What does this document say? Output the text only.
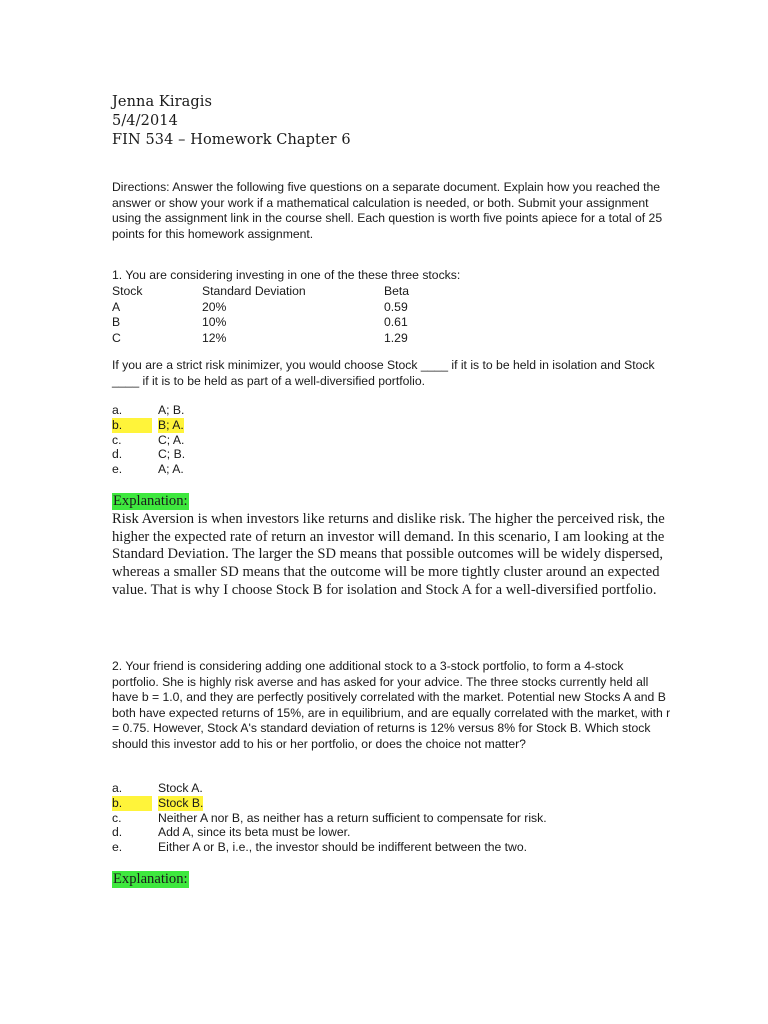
Jenna Kiragis
5/4/2014
FIN 534 – Homework Chapter 6
Directions: Answer the following five questions on a separate document. Explain how you reached the answer or show your work if a mathematical calculation is needed, or both. Submit your assignment using the assignment link in the course shell. Each question is worth five points apiece for a total of 25 points for this homework assignment.
1. You are considering investing in one of the these three stocks:
Stock	Standard Deviation	Beta
A	20%	0.59
B	10%	0.61
C	12%	1.29
If you are a strict risk minimizer, you would choose Stock ____ if it is to be held in isolation and Stock ____ if it is to be held as part of a well-diversified portfolio.
a.	A; B.
b.	B; A.
c.	C; A.
d.	C; B.
e.	A; A.
Explanation:
Risk Aversion is when investors like returns and dislike risk. The higher the perceived risk, the higher the expected rate of return an investor will demand. In this scenario, I am looking at the Standard Deviation. The larger the SD means that possible outcomes will be widely dispersed, whereas a smaller SD means that the outcome will be more tightly cluster around an expected value. That is why I choose Stock B for isolation and Stock A for a well-diversified portfolio.
2. Your friend is considering adding one additional stock to a 3-stock portfolio, to form a 4-stock portfolio. She is highly risk averse and has asked for your advice. The three stocks currently held all have b = 1.0, and they are perfectly positively correlated with the market. Potential new Stocks A and B both have expected returns of 15%, are in equilibrium, and are equally correlated with the market, with r = 0.75. However, Stock A's standard deviation of returns is 12% versus 8% for Stock B. Which stock should this investor add to his or her portfolio, or does the choice not matter?
a.	Stock A.
b.	Stock B.
c.	Neither A nor B, as neither has a return sufficient to compensate for risk.
d.	Add A, since its beta must be lower.
e.	Either A or B, i.e., the investor should be indifferent between the two.
Explanation:
